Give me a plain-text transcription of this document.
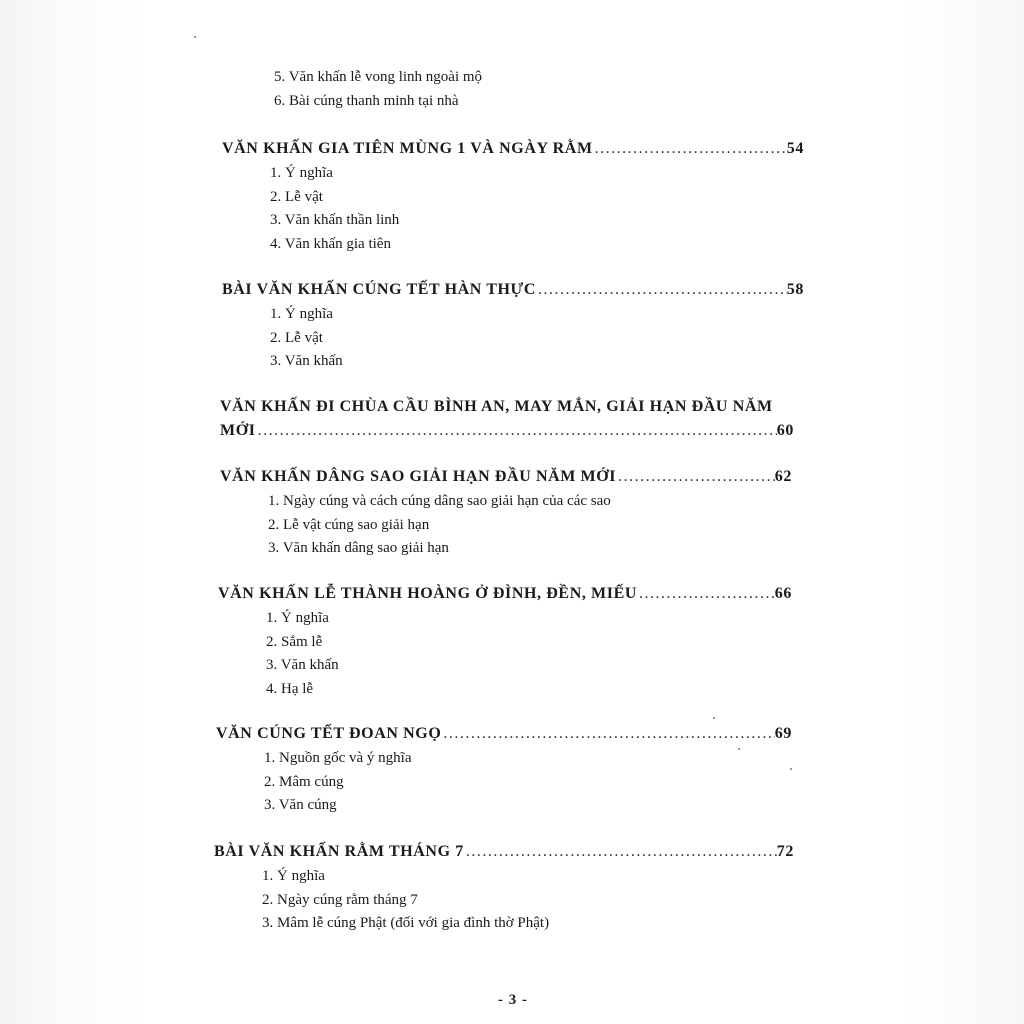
5. Văn khấn lễ vong linh ngoài mộ
6. Bài cúng thanh minh tại nhà
VĂN KHẤN GIA TIÊN MÙNG 1 VÀ NGÀY RẰM .....	54
1. Ý nghĩa
2. Lễ vật
3. Văn khấn thần linh
4. Văn khấn gia tiên
BÀI VĂN KHẤN CÚNG TẾT HÀN THỰC .....	58
1. Ý nghĩa
2. Lễ vật
3. Văn khấn
VĂN KHẤN ĐI CHÙA CẦU BÌNH AN, MAY MẮN, GIẢI HẠN ĐẦU NĂM
MỚI .....	60
VĂN KHẤN DÂNG SAO GIẢI HẠN ĐẦU NĂM MỚI .....	62
1. Ngày cúng và cách cúng dâng sao giải hạn của các sao
2. Lễ vật cúng sao giải hạn
3. Văn khấn dâng sao giải hạn
VĂN KHẤN LỄ THÀNH HOÀNG Ở ĐÌNH, ĐỀN, MIẾU .....	66
1. Ý nghĩa
2. Sắm lễ
3. Văn khấn
4. Hạ lễ
VĂN CÚNG TẾT ĐOAN NGỌ .....	69
1. Nguồn gốc và ý nghĩa
2. Mâm cúng
3. Văn cúng
BÀI VĂN KHẤN RẰM THÁNG 7 .....	72
1. Ý nghĩa
2. Ngày cúng rằm tháng 7
3. Mâm lễ cúng Phật (đối với gia đình thờ Phật)
- 3 -
